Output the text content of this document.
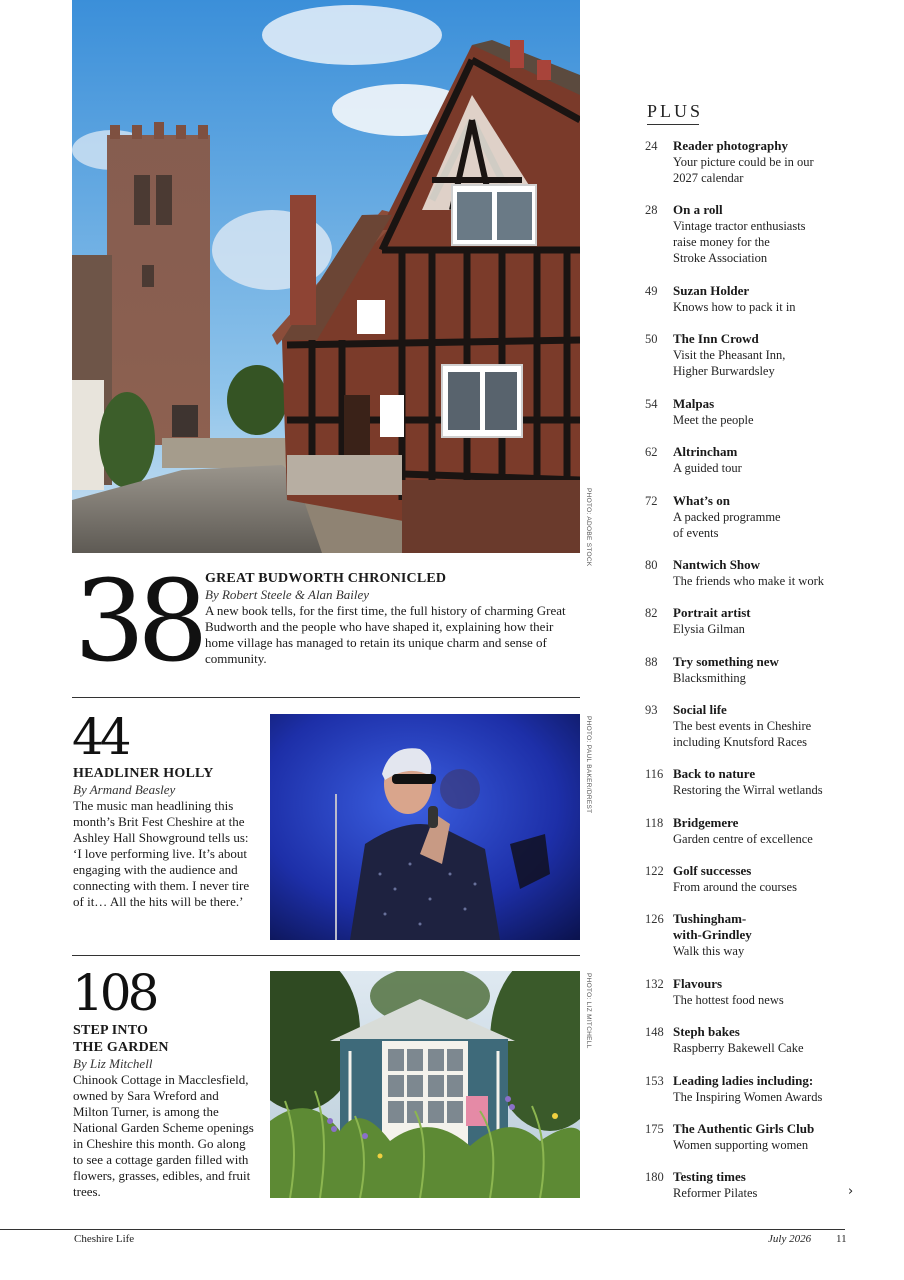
PHOTO: ADOBE STOCK
38 GREAT BUDWORTH CHRONICLED
By Robert Steele & Alan Bailey
A new book tells, for the first time, the full history of charming Great Budworth and the people who have shaped it, explaining how their home village has managed to retain its unique charm and sense of community.
44
HEADLINER HOLLY
By Armand Beasley
The music man headlining this month’s Brit Fest Cheshire at the Ashley Hall Showground tells us: ‘I love performing live. It’s about engaging with the audience and connecting with them. I never tire of it… All the hits will be there.’
PHOTO: PAUL BAKER/DREST
108
STEP INTO
THE GARDEN
By Liz Mitchell
Chinook Cottage in Macclesfield, owned by Sara Wreford and Milton Turner, is among the National Garden Scheme openings in Cheshire this month. Go along to see a cottage garden filled with flowers, grasses, edibles, and fruit trees.
PHOTO: LIZ MITCHELL
PLUS
24	Reader photography
Your picture could be in our
2027 calendar
28	On a roll
Vintage tractor enthusiasts
raise money for the
Stroke Association
49	Suzan Holder
Knows how to pack it in
50	The Inn Crowd
Visit the Pheasant Inn,
Higher Burwardsley
54	Malpas
Meet the people
62	Altrincham
A guided tour
72	What’s on
A packed programme
of events
80	Nantwich Show
The friends who make it work
82	Portrait artist
Elysia Gilman
88	Try something new
Blacksmithing
93	Social life
The best events in Cheshire
including Knutsford Races
116 Back to nature
Restoring the Wirral wetlands
118 Bridgemere
Garden centre of excellence
122 Golf successes
From around the courses
126 Tushingham-
with-Grindley
Walk this way
132 Flavours
The hottest food news
148 Steph bakes
Raspberry Bakewell Cake
153 Leading ladies including:
The Inspiring Women Awards
175 The Authentic Girls Club
Women supporting women
180 Testing times
Reformer Pilates	›
Cheshire Life	July 2026 11
